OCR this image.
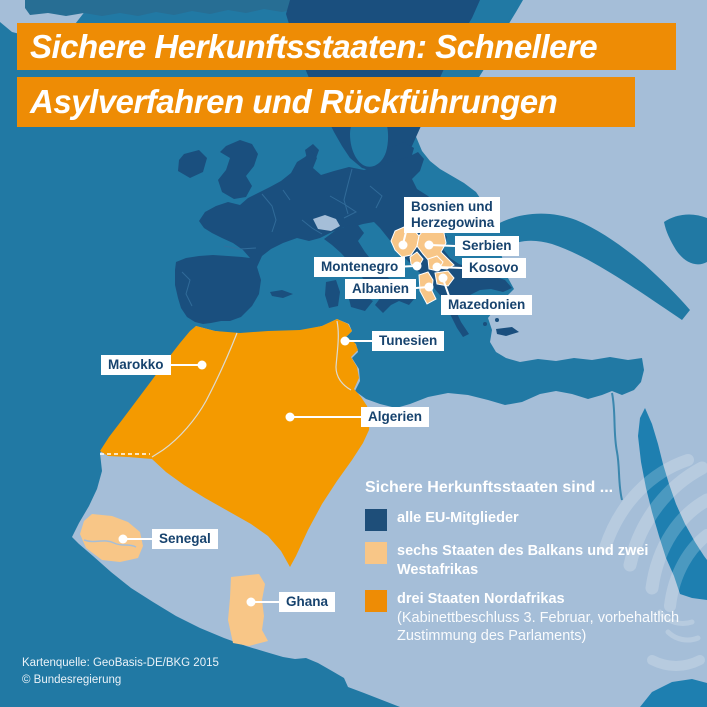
Sichere Herkunftsstaaten: Schnellere
Asylverfahren und Rückführungen
Bosnien und Herzegowina
Serbien
Montenegro	Kosovo
Albanien
Mazedonien
Tunesien
Marokko
Algerien
Senegal
Ghana
Sichere Herkunftsstaaten sind ...
alle EU-Mitglieder
sechs Staaten des Balkans und zwei Westafrikas
drei Staaten Nordafrikas
(Kabinettbeschluss 3. Februar, vorbehaltlich Zustimmung des Parlaments)
Kartenquelle: GeoBasis-DE/BKG 2015
© Bundesregierung
